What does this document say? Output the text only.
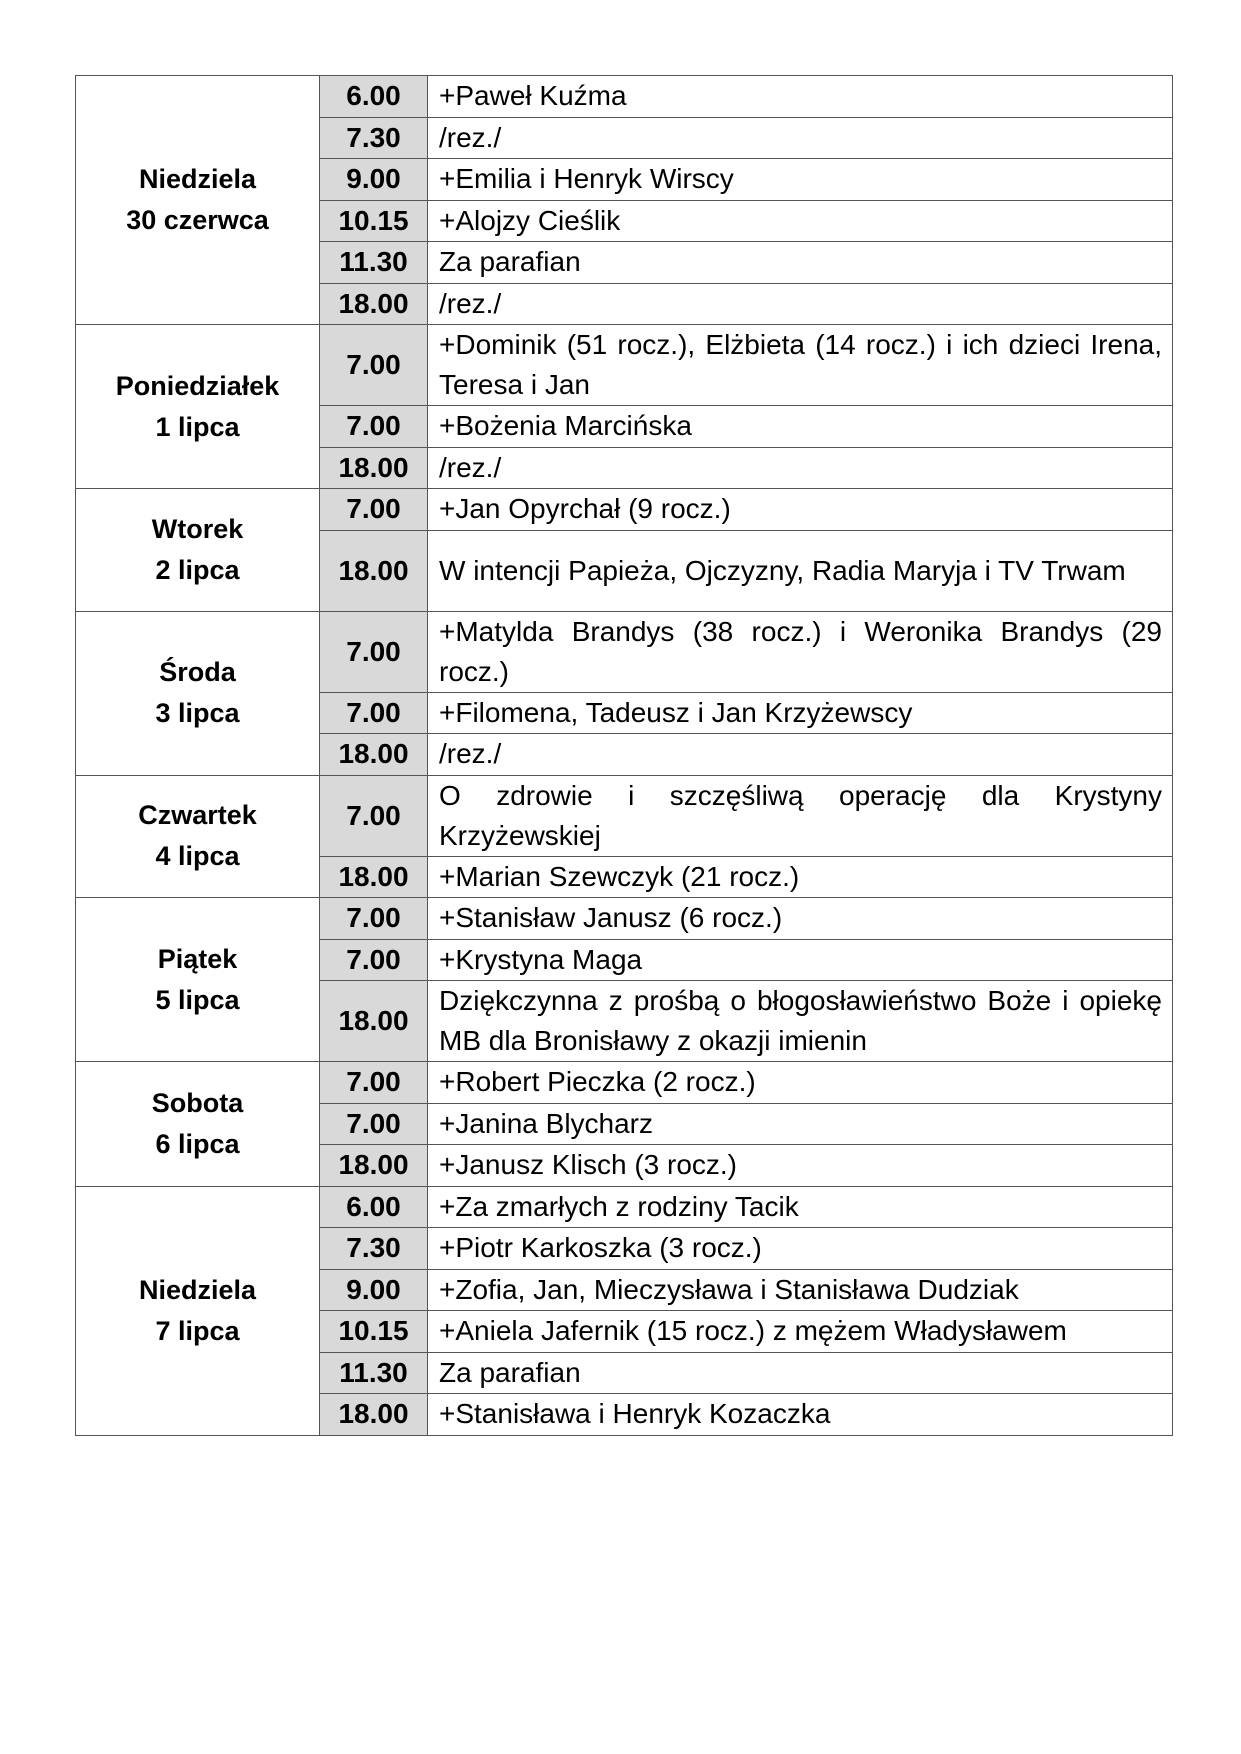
Niedziela
30 czerwca	6.00	+Paweł Kuźma
	7.30	/rez./
	9.00	+Emilia i Henryk Wirscy
	10.15	+Alojzy Cieślik
	11.30	Za parafian
	18.00	/rez./

Poniedziałek
1 lipca	7.00	+Dominik (51 rocz.), Elżbieta (14 rocz.) i ich dzieci Irena, Teresa i Jan
	7.00	+Bożenia Marcińska
	18.00	/rez./

Wtorek
2 lipca	7.00	+Jan Opyrchał (9 rocz.)
	18.00	W intencji Papieża, Ojczyzny, Radia Maryja i TV Trwam

Środa
3 lipca	7.00	+Matylda Brandys (38 rocz.) i Weronika Brandys (29 rocz.)
	7.00	+Filomena, Tadeusz i Jan Krzyżewscy
	18.00	/rez./

Czwartek
4 lipca	7.00	O zdrowie i szczęśliwą operację dla Krystyny Krzyżewskiej
	18.00	+Marian Szewczyk (21 rocz.)

Piątek
5 lipca	7.00	+Stanisław Janusz (6 rocz.)
	7.00	+Krystyna Maga
	18.00	Dziękczynna z prośbą o błogosławieństwo Boże i opiekę MB dla Bronisławy z okazji imienin

Sobota
6 lipca	7.00	+Robert Pieczka (2 rocz.)
	7.00	+Janina Blycharz
	18.00	+Janusz Klisch (3 rocz.)

Niedziela
7 lipca	6.00	+Za zmarłych z rodziny Tacik
	7.30	+Piotr Karkoszka (3 rocz.)
	9.00	+Zofia, Jan, Mieczysława i Stanisława Dudziak
	10.15	+Aniela Jafernik (15 rocz.) z mężem Władysławem
	11.30	Za parafian
	18.00	+Stanisława i Henryk Kozaczka
